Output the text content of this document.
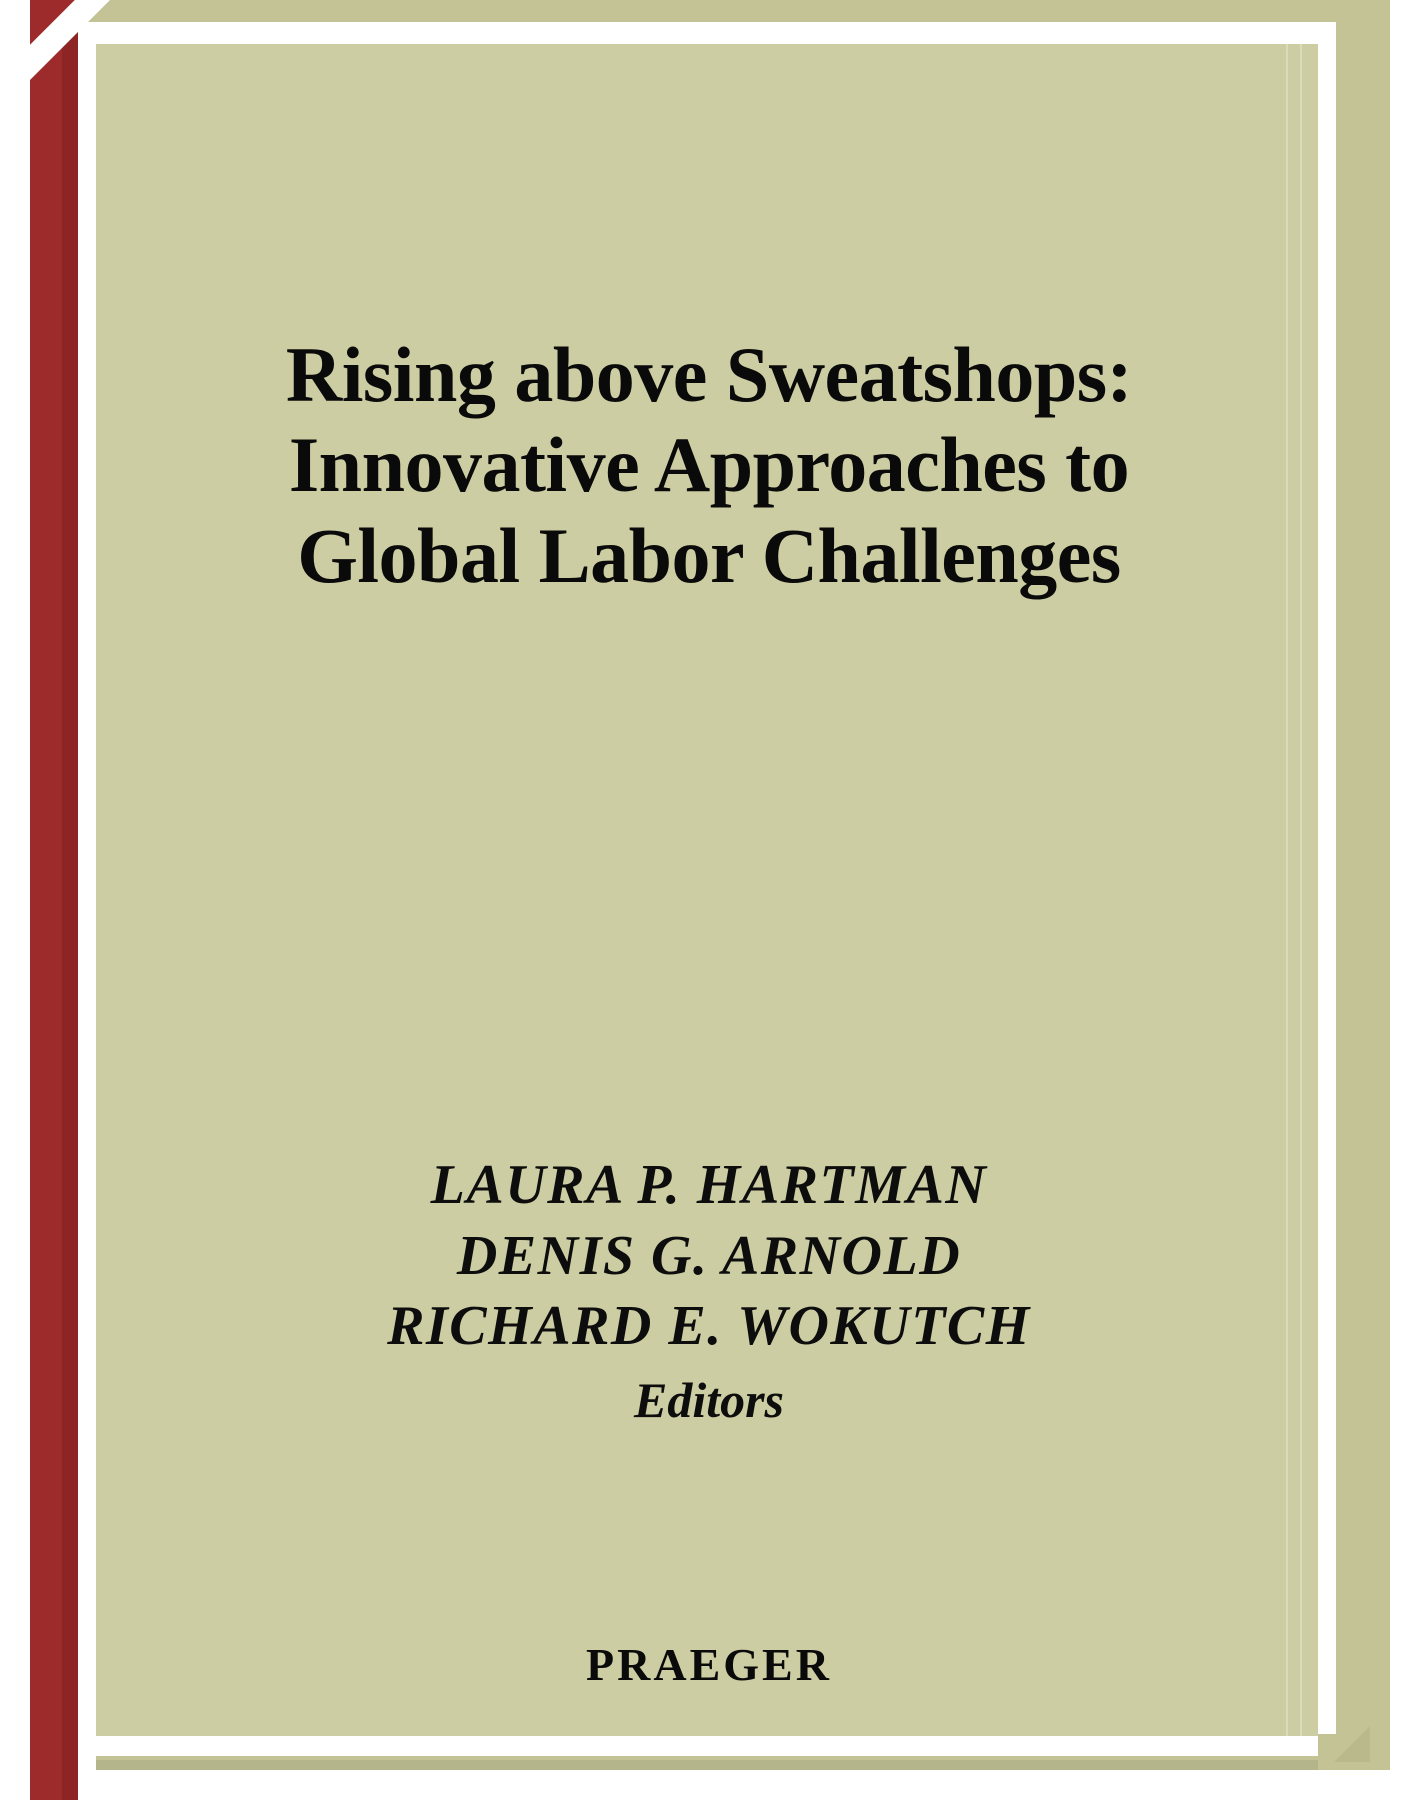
Rising above Sweatshops:
Innovative Approaches to
Global Labor Challenges
LAURA P. HARTMAN
DENIS G. ARNOLD
RICHARD E. WOKUTCH
Editors
PRAEGER
